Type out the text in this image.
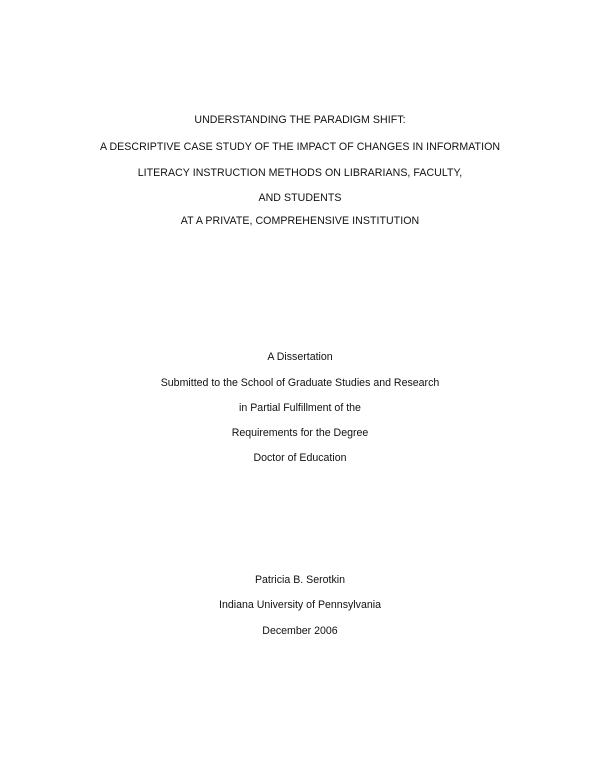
UNDERSTANDING THE PARADIGM SHIFT:
A DESCRIPTIVE CASE STUDY OF THE IMPACT OF CHANGES IN INFORMATION
LITERACY INSTRUCTION METHODS ON LIBRARIANS, FACULTY,
AND STUDENTS
AT A PRIVATE, COMPREHENSIVE INSTITUTION
A Dissertation
Submitted to the School of Graduate Studies and Research
in Partial Fulfillment of the
Requirements for the Degree
Doctor of Education
Patricia B. Serotkin
Indiana University of Pennsylvania
December 2006
